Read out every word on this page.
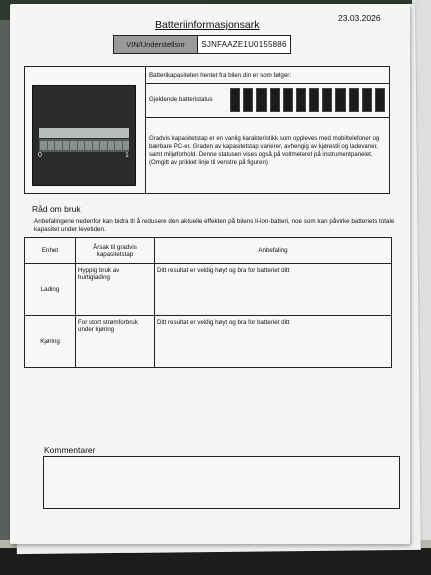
Batteriinformasjonsark
23.03.2026
VIN/Understellsnr	SJNFAAZE1U0155886
0	1
Batterikapasiteten hentet fra bilen din er som følger:
Gjeldende batteristatus
Gradvis kapasitetstap er en vanlig karakteristikk som oppleves med mobiltelefoner og bærbare PC-er. Graden av kapasitetstap varierer, avhengig av kjørestil og ladevaner, samt miljøforhold. Denne statusen vises også på voltmeteret på instrumentpanelet. (Omgitt av prikket linje til venstre på figuren)
Råd om bruk
Anbefalingene nedenfor kan bidra til å redusere den aktuelle effekten på bilens li-ion-batteri, noe som kan påvirke batteriets totale kapasitet under levetiden.
Enhet	Årsak til gradvis kapasitetstap	Anbefaling
Lading	Hyppig bruk av hurtiglading	Ditt resultat er veldig høyt og bra for batteriet ditt
Kjøring	For stort strømforbruk under kjøring	Ditt resultat er veldig høyt og bra for batteriet ditt
Kommentarer
